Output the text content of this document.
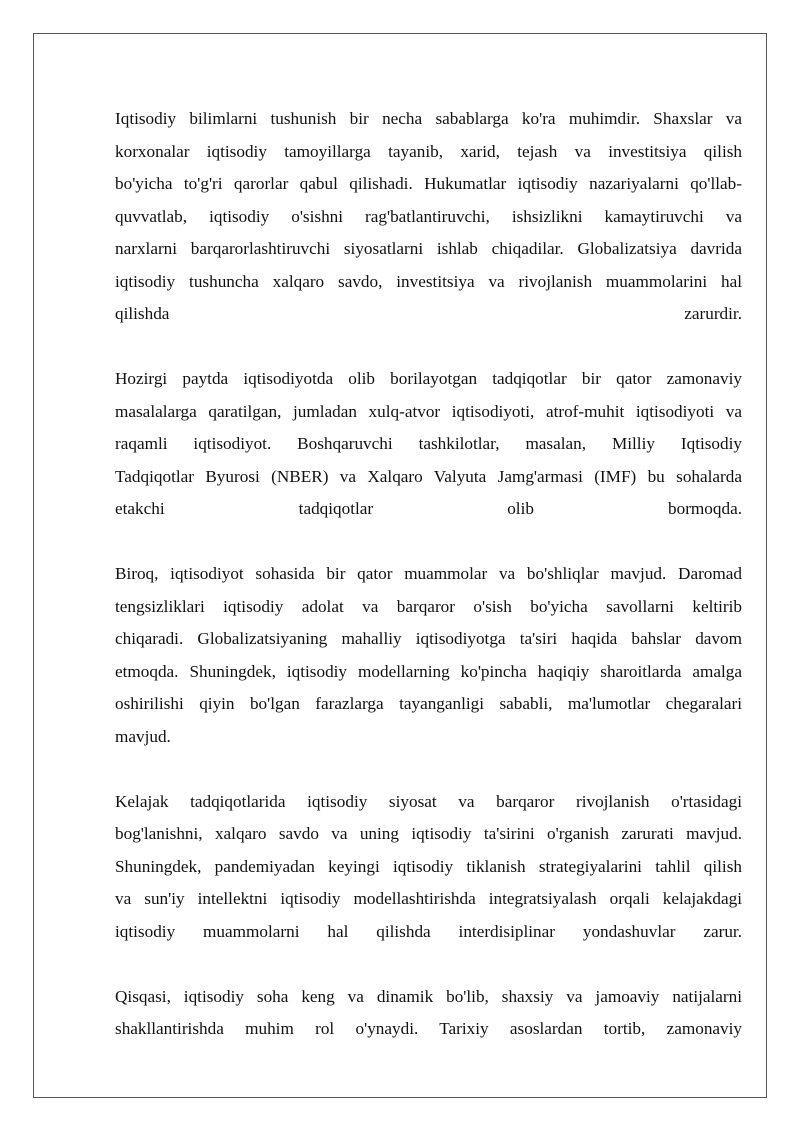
Iqtisodiy bilimlarni tushunish bir necha sabablarga ko'ra muhimdir. Shaxslar va
korxonalar iqtisodiy tamoyillarga tayanib, xarid, tejash va investitsiya qilish
bo'yicha to'g'ri qarorlar qabul qilishadi. Hukumatlar iqtisodiy nazariyalarni qo'llab-
quvvatlab, iqtisodiy o'sishni rag'batlantiruvchi, ishsizlikni kamaytiruvchi va
narxlarni barqarorlashtiruvchi siyosatlarni ishlab chiqadilar. Globalizatsiya davrida
iqtisodiy tushuncha xalqaro savdo, investitsiya va rivojlanish muammolarini hal
qilishda zarurdir.
Hozirgi paytda iqtisodiyotda olib borilayotgan tadqiqotlar bir qator zamonaviy
masalalarga qaratilgan, jumladan xulq-atvor iqtisodiyoti, atrof-muhit iqtisodiyoti va
raqamli iqtisodiyot. Boshqaruvchi tashkilotlar, masalan, Milliy Iqtisodiy
Tadqiqotlar Byurosi (NBER) va Xalqaro Valyuta Jamg'armasi (IMF) bu sohalarda
etakchi tadqiqotlar olib bormoqda.
Biroq, iqtisodiyot sohasida bir qator muammolar va bo'shliqlar mavjud. Daromad
tengsizliklari iqtisodiy adolat va barqaror o'sish bo'yicha savollarni keltirib
chiqaradi. Globalizatsiyaning mahalliy iqtisodiyotga ta'siri haqida bahslar davom
etmoqda. Shuningdek, iqtisodiy modellarning ko'pincha haqiqiy sharoitlarda amalga
oshirilishi qiyin bo'lgan farazlarga tayanganligi sababli, ma'lumotlar chegaralari
mavjud.
Kelajak tadqiqotlarida iqtisodiy siyosat va barqaror rivojlanish o'rtasidagi
bog'lanishni, xalqaro savdo va uning iqtisodiy ta'sirini o'rganish zarurati mavjud.
Shuningdek, pandemiyadan keyingi iqtisodiy tiklanish strategiyalarini tahlil qilish
va sun'iy intellektni iqtisodiy modellashtirishda integratsiyalash orqali kelajakdagi
iqtisodiy muammolarni hal qilishda interdisiplinar yondashuvlar zarur.
Qisqasi, iqtisodiy soha keng va dinamik bo'lib, shaxsiy va jamoaviy natijalarni
shakllantirishda muhim rol o'ynaydi. Tarixiy asoslardan tortib, zamonaviy
